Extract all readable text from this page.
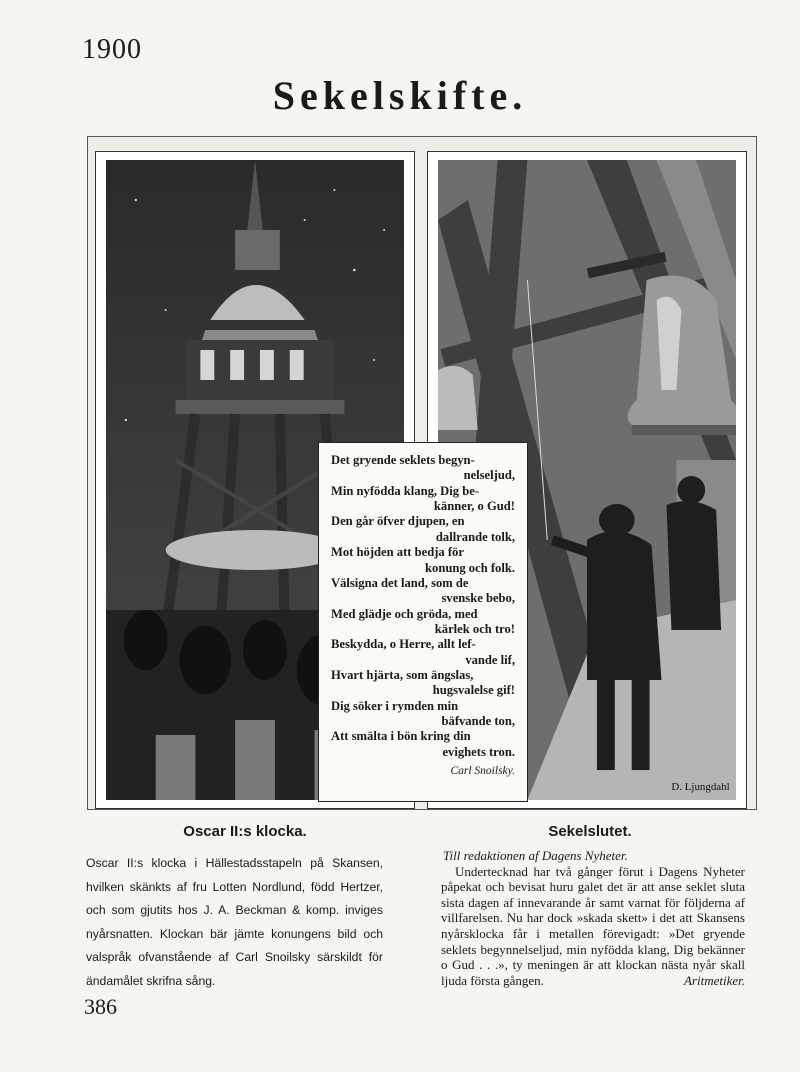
1900
Sekelskifte.
D. Ljungdahl
Det gryende seklets begyn-
nelseljud,
Min nyfödda klang, Dig be-
känner, o Gud!
Den går öfver djupen, en
dallrande tolk,
Mot höjden att bedja för
konung och folk.
Välsigna det land, som de
svenske bebo,
Med glädje och gröda, med
kärlek och tro!
Beskydda, o Herre, allt lef-
vande lif,
Hvart hjärta, som ängslas,
hugsvalelse gif!
Dig söker i rymden min
bäfvande ton,
Att smälta i bön kring din
evighets tron.
Carl Snoilsky.
Oscar II:s klocka.	Sekelslutet.
Oscar II:s klocka i Hällestadsstapeln på Skansen, hvilken skänkts af fru Lotten Nordlund, född Hertzer, och som gjutits hos J. A. Beckman & komp. inviges nyårsnatten. Klockan bär jämte konungens bild och valspråk ofvanstående af Carl Snoilsky särskildt för ändamålet skrifna sång.
Till redaktionen af Dagens Nyheter.
Undertecknad har två gånger förut i Dagens Nyheter påpekat och bevisat huru galet det är att anse seklet sluta sista dagen af innevarande år samt varnat för följderna af villfarelsen. Nu har dock »skada skett» i det att Skansens nyårsklocka får i metallen förevigadt: »Det gryende seklets begynnelseljud, min nyfödda klang, Dig bekänner o Gud . . .», ty meningen är att klockan nästa nyår skall ljuda första gången.	Aritmetiker.
386
